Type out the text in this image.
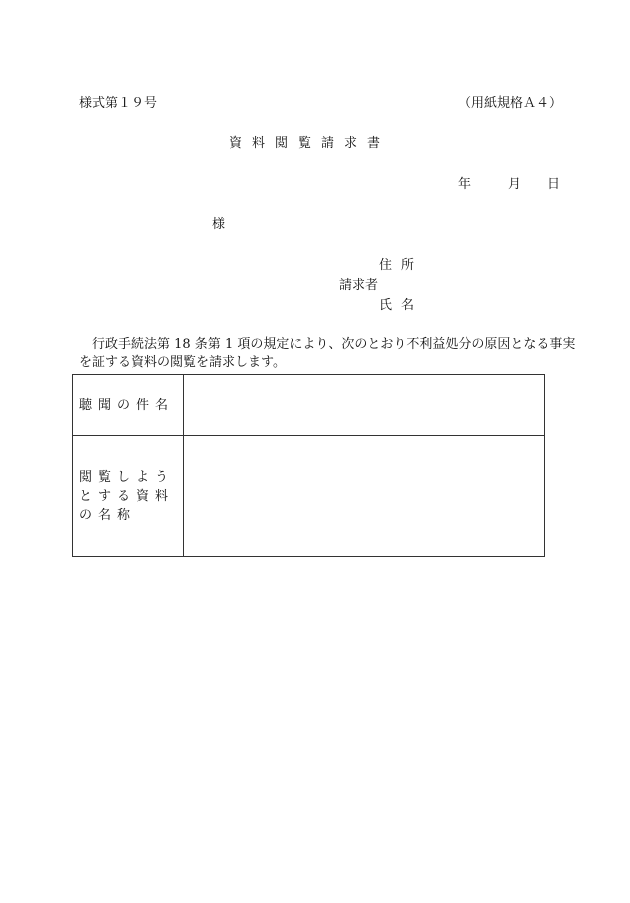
様式第１９号	（用紙規格Ａ４）
資料閲覧請求書
年	月 日
様
住所
請求者
氏名
行政手続法第 18 条第 1 項の規定により、次のとおり不利益処分の原因となる事実を証する資料の閲覧を請求します。
聴聞の件名	
閲覧しようとする資料の名称	
